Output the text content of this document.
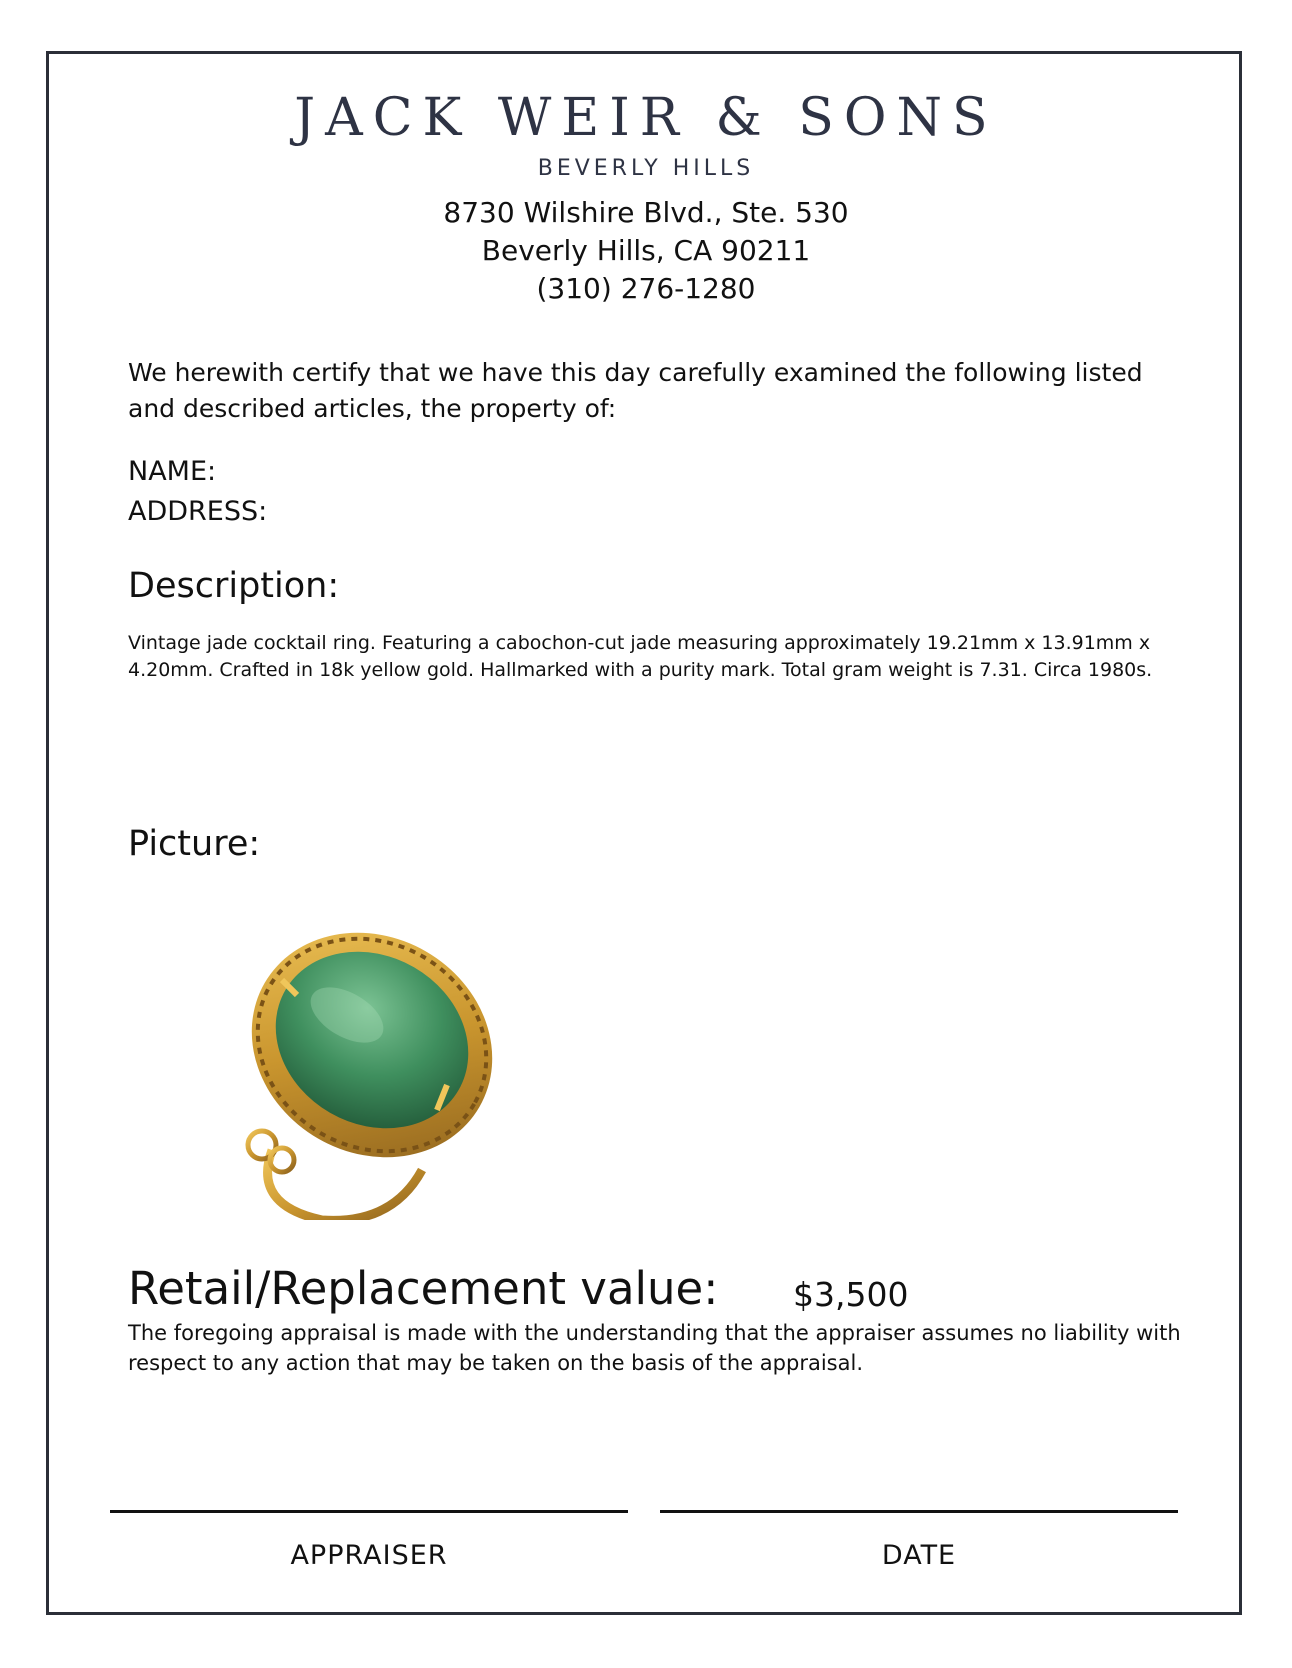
JACK WEIR & SONS
BEVERLY HILLS
8730 Wilshire Blvd., Ste. 530
Beverly Hills, CA 90211
(310) 276-1280
We herewith certify that we have this day carefully examined the following listed and described articles, the property of:
NAME:
ADDRESS:
Description:
Vintage jade cocktail ring. Featuring a cabochon-cut jade measuring approximately 19.21mm x 13.91mm x 4.20mm. Crafted in 18k yellow gold. Hallmarked with a purity mark. Total gram weight is 7.31. Circa 1980s.
Picture:
Retail/Replacement value: $3,500
The foregoing appraisal is made with the understanding that the appraiser assumes no liability with respect to any action that may be taken on the basis of the appraisal.
APPRAISER	DATE
